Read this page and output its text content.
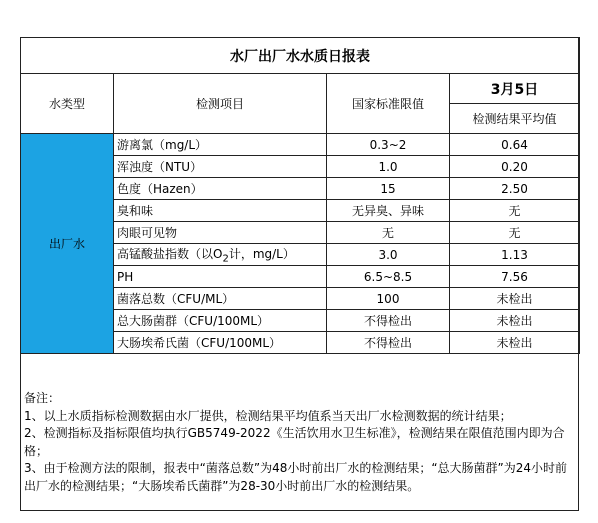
水厂出厂水水质日报表			
水类型	检测项目	国家标准限值	3月5日
			检测结果平均值
出厂水	游离氯（mg/L）	0.3~2	0.64
	浑浊度（NTU）	1.0	0.20
	色度（Hazen）	15	2.50
	臭和味	无异臭、异味	无
	肉眼可见物	无	无
	高锰酸盐指数（以$O_2$计，mg/L）	3.0	1.13
	PH	6.5~8.5	7.56
	菌落总数（CFU/ML）	100	未检出
	总大肠菌群（CFU/100ML）	不得检出	未检出
	大肠埃希氏菌（CFU/100ML）	不得检出	未检出
备注：
1、以上水质指标检测数据由水厂提供，检测结果平均值系当天出厂水检测数据的统计结果；
2、检测指标及指标限值均执行GB5749-2022《生活饮用水卫生标准》，检测结果在限值范围内即为合格；
3、由于检测方法的限制，报表中“菌落总数”为48小时前出厂水的检测结果；“总大肠菌群”为24小时前出厂水的检测结果；“大肠埃希氏菌群”为28-30小时前出厂水的检测结果。
